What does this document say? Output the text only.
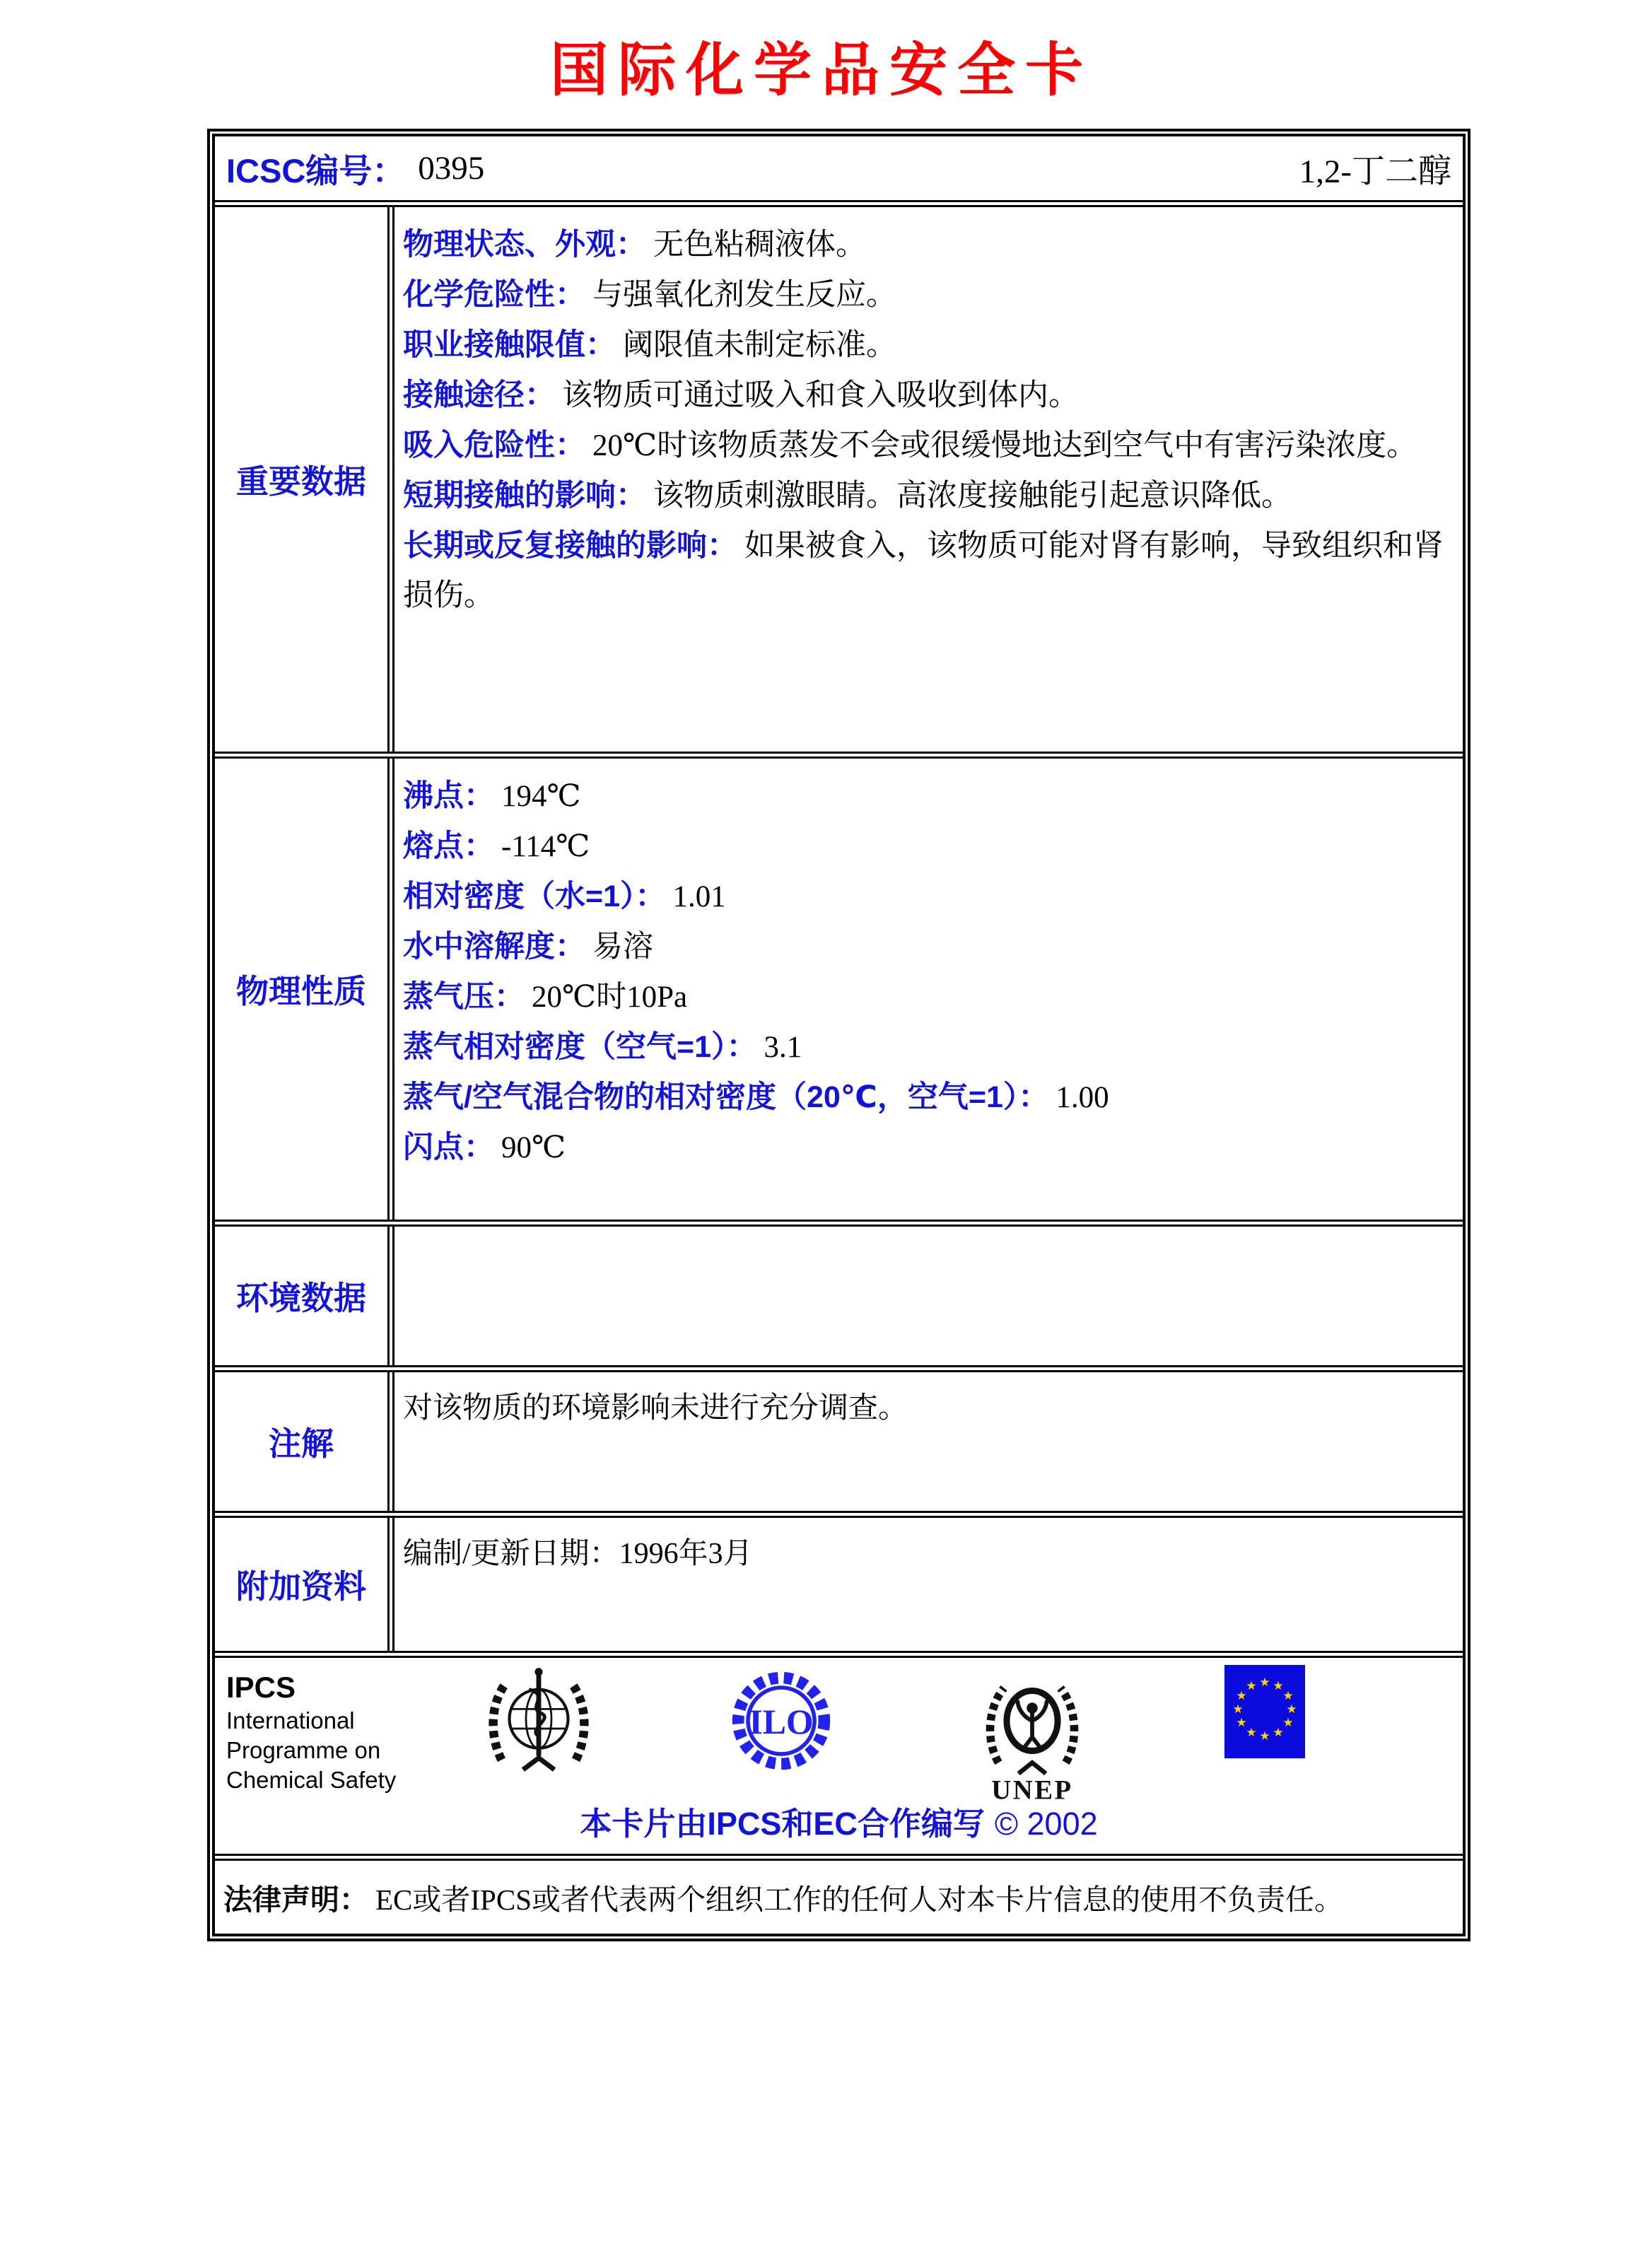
国际化学品安全卡
ICSC编号： 0395	1,2-丁二醇
重要数据
物理状态、外观： 无色粘稠液体。
化学危险性： 与强氧化剂发生反应。
职业接触限值： 阈限值未制定标准。
接触途径： 该物质可通过吸入和食入吸收到体内。
吸入危险性： 20℃时该物质蒸发不会或很缓慢地达到空气中有害污染浓度。
短期接触的影响： 该物质刺激眼睛。高浓度接触能引起意识降低。
长期或反复接触的影响： 如果被食入，该物质可能对肾有影响，导致组织和肾损伤。
物理性质
沸点： 194℃
熔点： -114℃
相对密度（水=1）： 1.01
水中溶解度： 易溶
蒸气压： 20℃时10Pa
蒸气相对密度（空气=1）： 3.1
蒸气/空气混合物的相对密度（20℃，空气=1）： 1.00
闪点： 90℃
环境数据
注解
对该物质的环境影响未进行充分调查。
附加资料
编制/更新日期：1996年3月
IPCS
International
Programme on
Chemical Safety
ILO
UNEP
★ ★
★
★
★
★
★
★
★
★
★
★
本卡片由IPCS和EC合作编写 © 2002
法律声明： EC或者IPCS或者代表两个组织工作的任何人对本卡片信息的使用不负责任。
